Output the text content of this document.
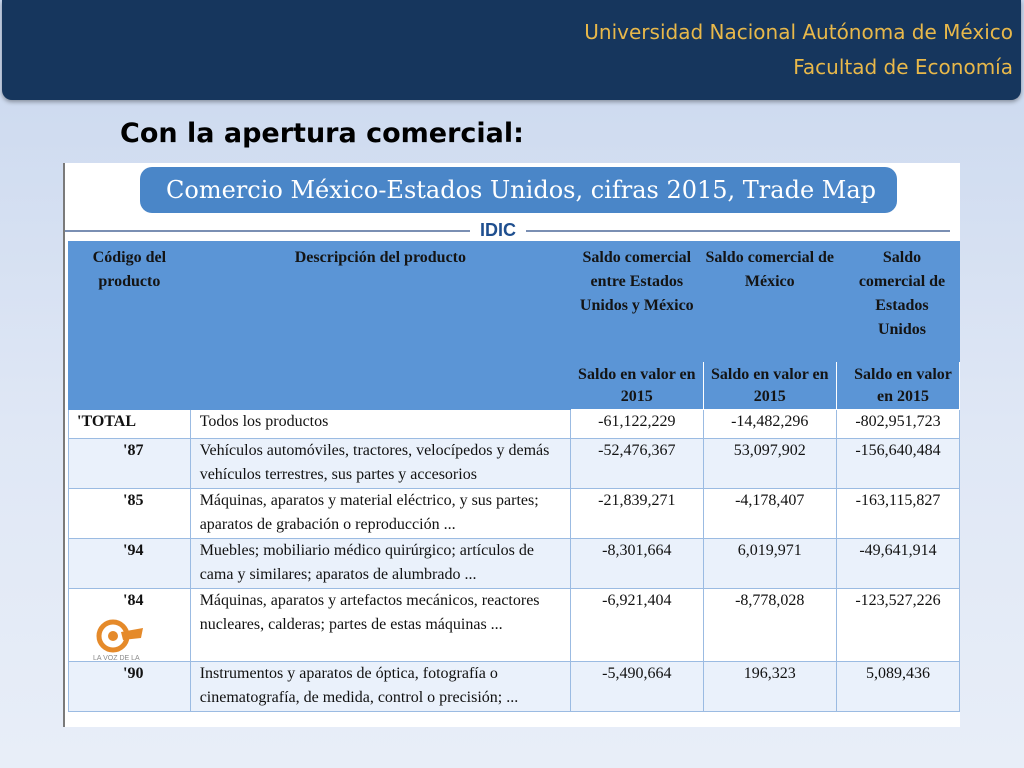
Universidad Nacional Autónoma de México
Facultad de Economía
Con la apertura comercial:
Comercio México-Estados Unidos, cifras 2015, Trade Map
IDIC
Código del producto	Descripción del producto	Saldo comercial entre Estados Unidos y México	Saldo comercial de México	Saldo comercial de Estados Unidos
		Saldo en valor en 2015	Saldo en valor en 2015	Saldo en valor en 2015
'TOTAL	Todos los productos	-61,122,229	-14,482,296	-802,951,723
'87	Vehículos automóviles, tractores, velocípedos y demás vehículos terrestres, sus partes y accesorios	-52,476,367	53,097,902	-156,640,484
'85	Máquinas, aparatos y material eléctrico, y sus partes; aparatos de grabación o reproducción ...	-21,839,271	-4,178,407	-163,115,827
'94	Muebles; mobiliario médico quirúrgico; artículos de cama y similares; aparatos de alumbrado ...	-8,301,664	6,019,971	-49,641,914
'84	Máquinas, aparatos y artefactos mecánicos, reactores nucleares, calderas; partes de estas máquinas ...	-6,921,404	-8,778,028	-123,527,226
'90	Instrumentos y aparatos de óptica, fotografía o cinematografía, de medida, control o precisión; ...	-5,490,664	196,323	5,089,436
LA VOZ DE LA
